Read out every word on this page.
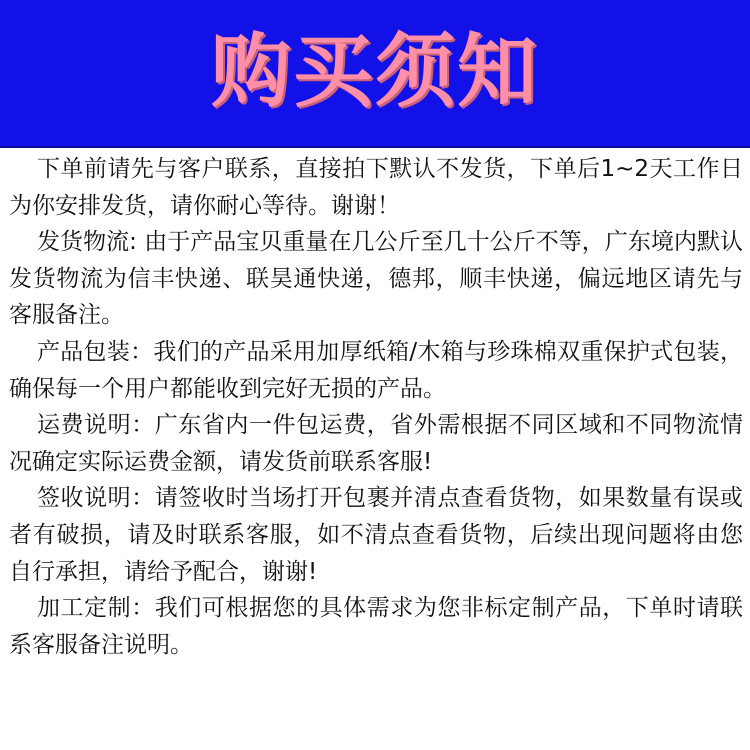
购买须知

下单前请先与客户联系，直接拍下默认不发货，下单后1~2天工作日为你安排发货，请你耐心等待。谢谢！

发货物流: 由于产品宝贝重量在几公斤至几十公斤不等，广东境内默认发货物流为信丰快递、联昊通快递，德邦，顺丰快递，偏远地区请先与客服备注。

产品包装：我们的产品采用加厚纸箱/木箱与珍珠棉双重保护式包装，确保每一个用户都能收到完好无损的产品。

运费说明：广东省内一件包运费，省外需根据不同区域和不同物流情况确定实际运费金额，请发货前联系客服!

签收说明：请签收时当场打开包裹并清点查看货物，如果数量有误或者有破损，请及时联系客服，如不清点查看货物，后续出现问题将由您自行承担，请给予配合，谢谢!

加工定制：我们可根据您的具体需求为您非标定制产品，下单时请联系客服备注说明。
